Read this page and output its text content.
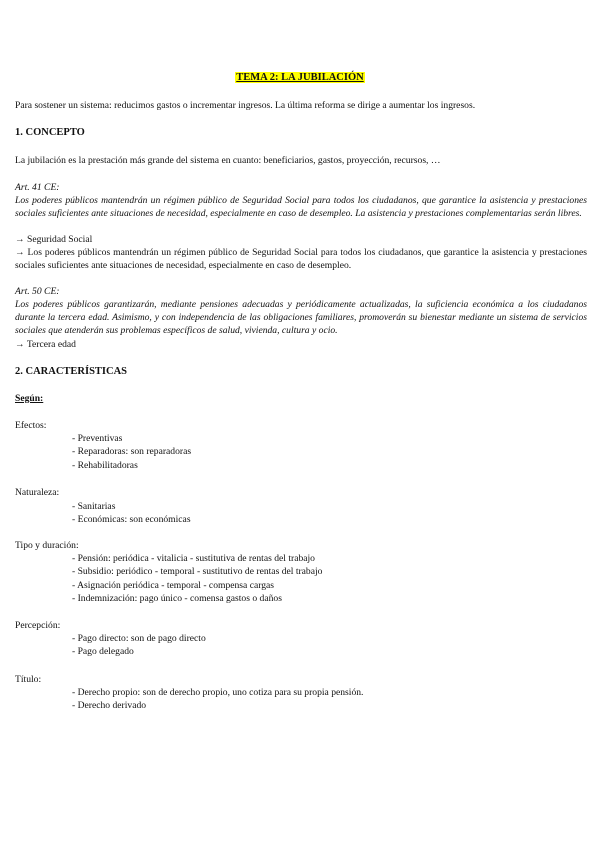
TEMA 2: LA JUBILACIÓN
Para sostener un sistema: reducimos gastos o incrementar ingresos. La última reforma se dirige a aumentar los ingresos.
1. CONCEPTO
La jubilación es la prestación más grande del sistema en cuanto: beneficiarios, gastos, proyección, recursos, …
Art. 41 CE:
Los poderes públicos mantendrán un régimen público de Seguridad Social para todos los ciudadanos, que garantice la asistencia y prestaciones sociales suficientes ante situaciones de necesidad, especialmente en caso de desempleo. La asistencia y prestaciones complementarias serán libres.
→ Seguridad Social
→ Los poderes públicos mantendrán un régimen público de Seguridad Social para todos los ciudadanos, que garantice la asistencia y prestaciones sociales suficientes ante situaciones de necesidad, especialmente en caso de desempleo.
Art. 50 CE:
Los poderes públicos garantizarán, mediante pensiones adecuadas y periódicamente actualizadas, la suficiencia económica a los ciudadanos durante la tercera edad. Asimismo, y con independencia de las obligaciones familiares, promoverán su bienestar mediante un sistema de servicios sociales que atenderán sus problemas específicos de salud, vivienda, cultura y ocio.
→ Tercera edad
2. CARACTERÍSTICAS
Según:
Efectos:
- Preventivas
- Reparadoras: son reparadoras
- Rehabilitadoras
Naturaleza:
- Sanitarias
- Económicas: son económicas
Tipo y duración:
- Pensión: periódica - vitalicia - sustitutiva de rentas del trabajo
- Subsidio: periódico - temporal - sustitutivo de rentas del trabajo
- Asignación periódica - temporal - compensa cargas
- Indemnización: pago único - comensa gastos o daños
Percepción:
- Pago directo: son de pago directo
- Pago delegado
Título:
- Derecho propio: son de derecho propio, uno cotiza para su propia pensión.
- Derecho derivado
